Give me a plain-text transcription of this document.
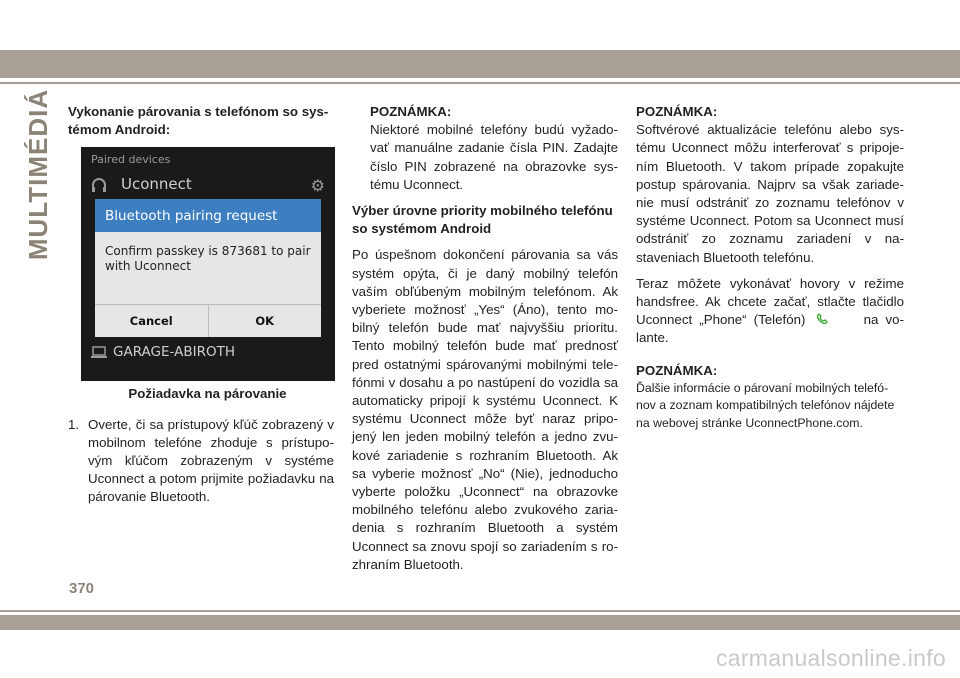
MULTIMÉDIÁ Vykonanie párovania s telefónom so sys-témom Android:
Paired devices
Uconnect	⚙
Bluetooth pairing request
Confirm passkey is 873681 to pair with Uconnect
Cancel	OK
GARAGE-ABIROTH
Požiadavka na párovanie
1. Overte, či sa prístupový kľúč zobrazený v mobilnom telefóne zhoduje s prístupo-vým kľúčom zobrazeným v systéme Uconnect a potom prijmite požiadavku na párovanie Bluetooth.
POZNÁMKA:
Niektoré mobilné telefóny budú vyžado-vať manuálne zadanie čísla PIN. Zadajte číslo PIN zobrazené na obrazovke sys-tému Uconnect.
Výber úrovne priority mobilného telefónu so systémom Android
Po úspešnom dokončení párovania sa vás systém opýta, či je daný mobilný telefón vaším obľúbeným mobilným telefónom. Ak vyberiete možnosť „Yes“ (Áno), tento mo-bilný telefón bude mať najvyššiu prioritu. Tento mobilný telefón bude mať prednosť pred ostatnými spárovanými mobilnými tele-fónmi v dosahu a po nastúpení do vozidla sa automaticky pripojí k systému Uconnect. K systému Uconnect môže byť naraz pripo-jený len jeden mobilný telefón a jedno zvu-kové zariadenie s rozhraním Bluetooth. Ak sa vyberie možnosť „No“ (Nie), jednoducho vyberte položku „Uconnect“ na obrazovke mobilného telefónu alebo zvukového zaria-denia s rozhraním Bluetooth a systém Uconnect sa znovu spojí so zariadením s ro-zhraním Bluetooth.
POZNÁMKA:
Softvérové aktualizácie telefónu alebo sys-tému Uconnect môžu interferovať s pripoje-ním Bluetooth. V takom prípade zopakujte postup spárovania. Najprv sa však zariade-nie musí odstrániť zo zoznamu telefónov v systéme Uconnect. Potom sa Uconnect musí odstrániť zo zoznamu zariadení v na-staveniach Bluetooth telefónu.
Teraz môžete vykonávať hovory v režime handsfree. Ak chcete začať, stlačte tlačidlo Uconnect „Phone“ (Telefón)	na vo-lante.
POZNÁMKA:
Ďalšie informácie o párovaní mobilných telefó-nov a zoznam kompatibilných telefónov nájdete na webovej stránke UconnectPhone.com.
370
carmanualsonline.info
